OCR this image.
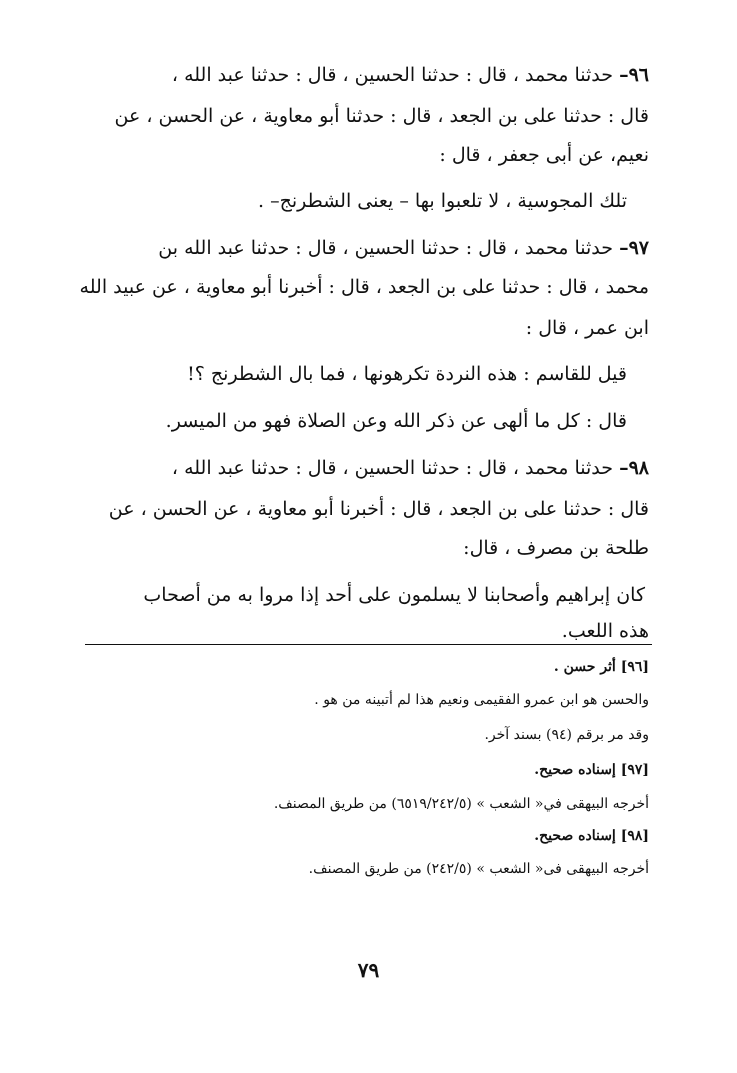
٩٦– حدثنا محمد ، قال : حدثنا الحسين ، قال : حدثنا عبد الله ،
قال : حدثنا على بن الجعد ، قال : حدثنا أبو معاوية ، عن الحسن ، عن
نعيم، عن أبى جعفر ، قال :
تلك المجوسية ، لا تلعبوا بها – يعنى الشطرنج– .
٩٧– حدثنا محمد ، قال : حدثنا الحسين ، قال : حدثنا عبد الله بن
محمد ، قال : حدثنا على بن الجعد ، قال : أخبرنا أبو معاوية ، عن عبيد الله
ابن عمر ، قال :
قيل للقاسم : هذه النردة تكرهونها ، فما بال الشطرنج ؟!
قال : كل ما ألهى عن ذكر الله وعن الصلاة فهو من الميسر.
٩٨– حدثنا محمد ، قال : حدثنا الحسين ، قال : حدثنا عبد الله ،
قال : حدثنا على بن الجعد ، قال : أخبرنا أبو معاوية ، عن الحسن ، عن
طلحة بن مصرف ، قال:
كان إبراهيم وأصحابنا لا يسلمون على أحد إذا مروا به من أصحاب
هذه اللعب.
[٩٦] أثر حسن .
والحسن هو ابن عمرو الفقيمى ونعيم هذا لم أتبينه من هو .
وقد مر برقم (٩٤) بسند آخر.
[٩٧] إسناده صحيح.
أخرجه البيهقى في« الشعب » (٦٥١٩/٢٤٢/٥) من طريق المصنف.
[٩٨] إسناده صحيح.
أخرجه البيهقى فى« الشعب » (٢٤٢/٥) من طريق المصنف.
٧٩
